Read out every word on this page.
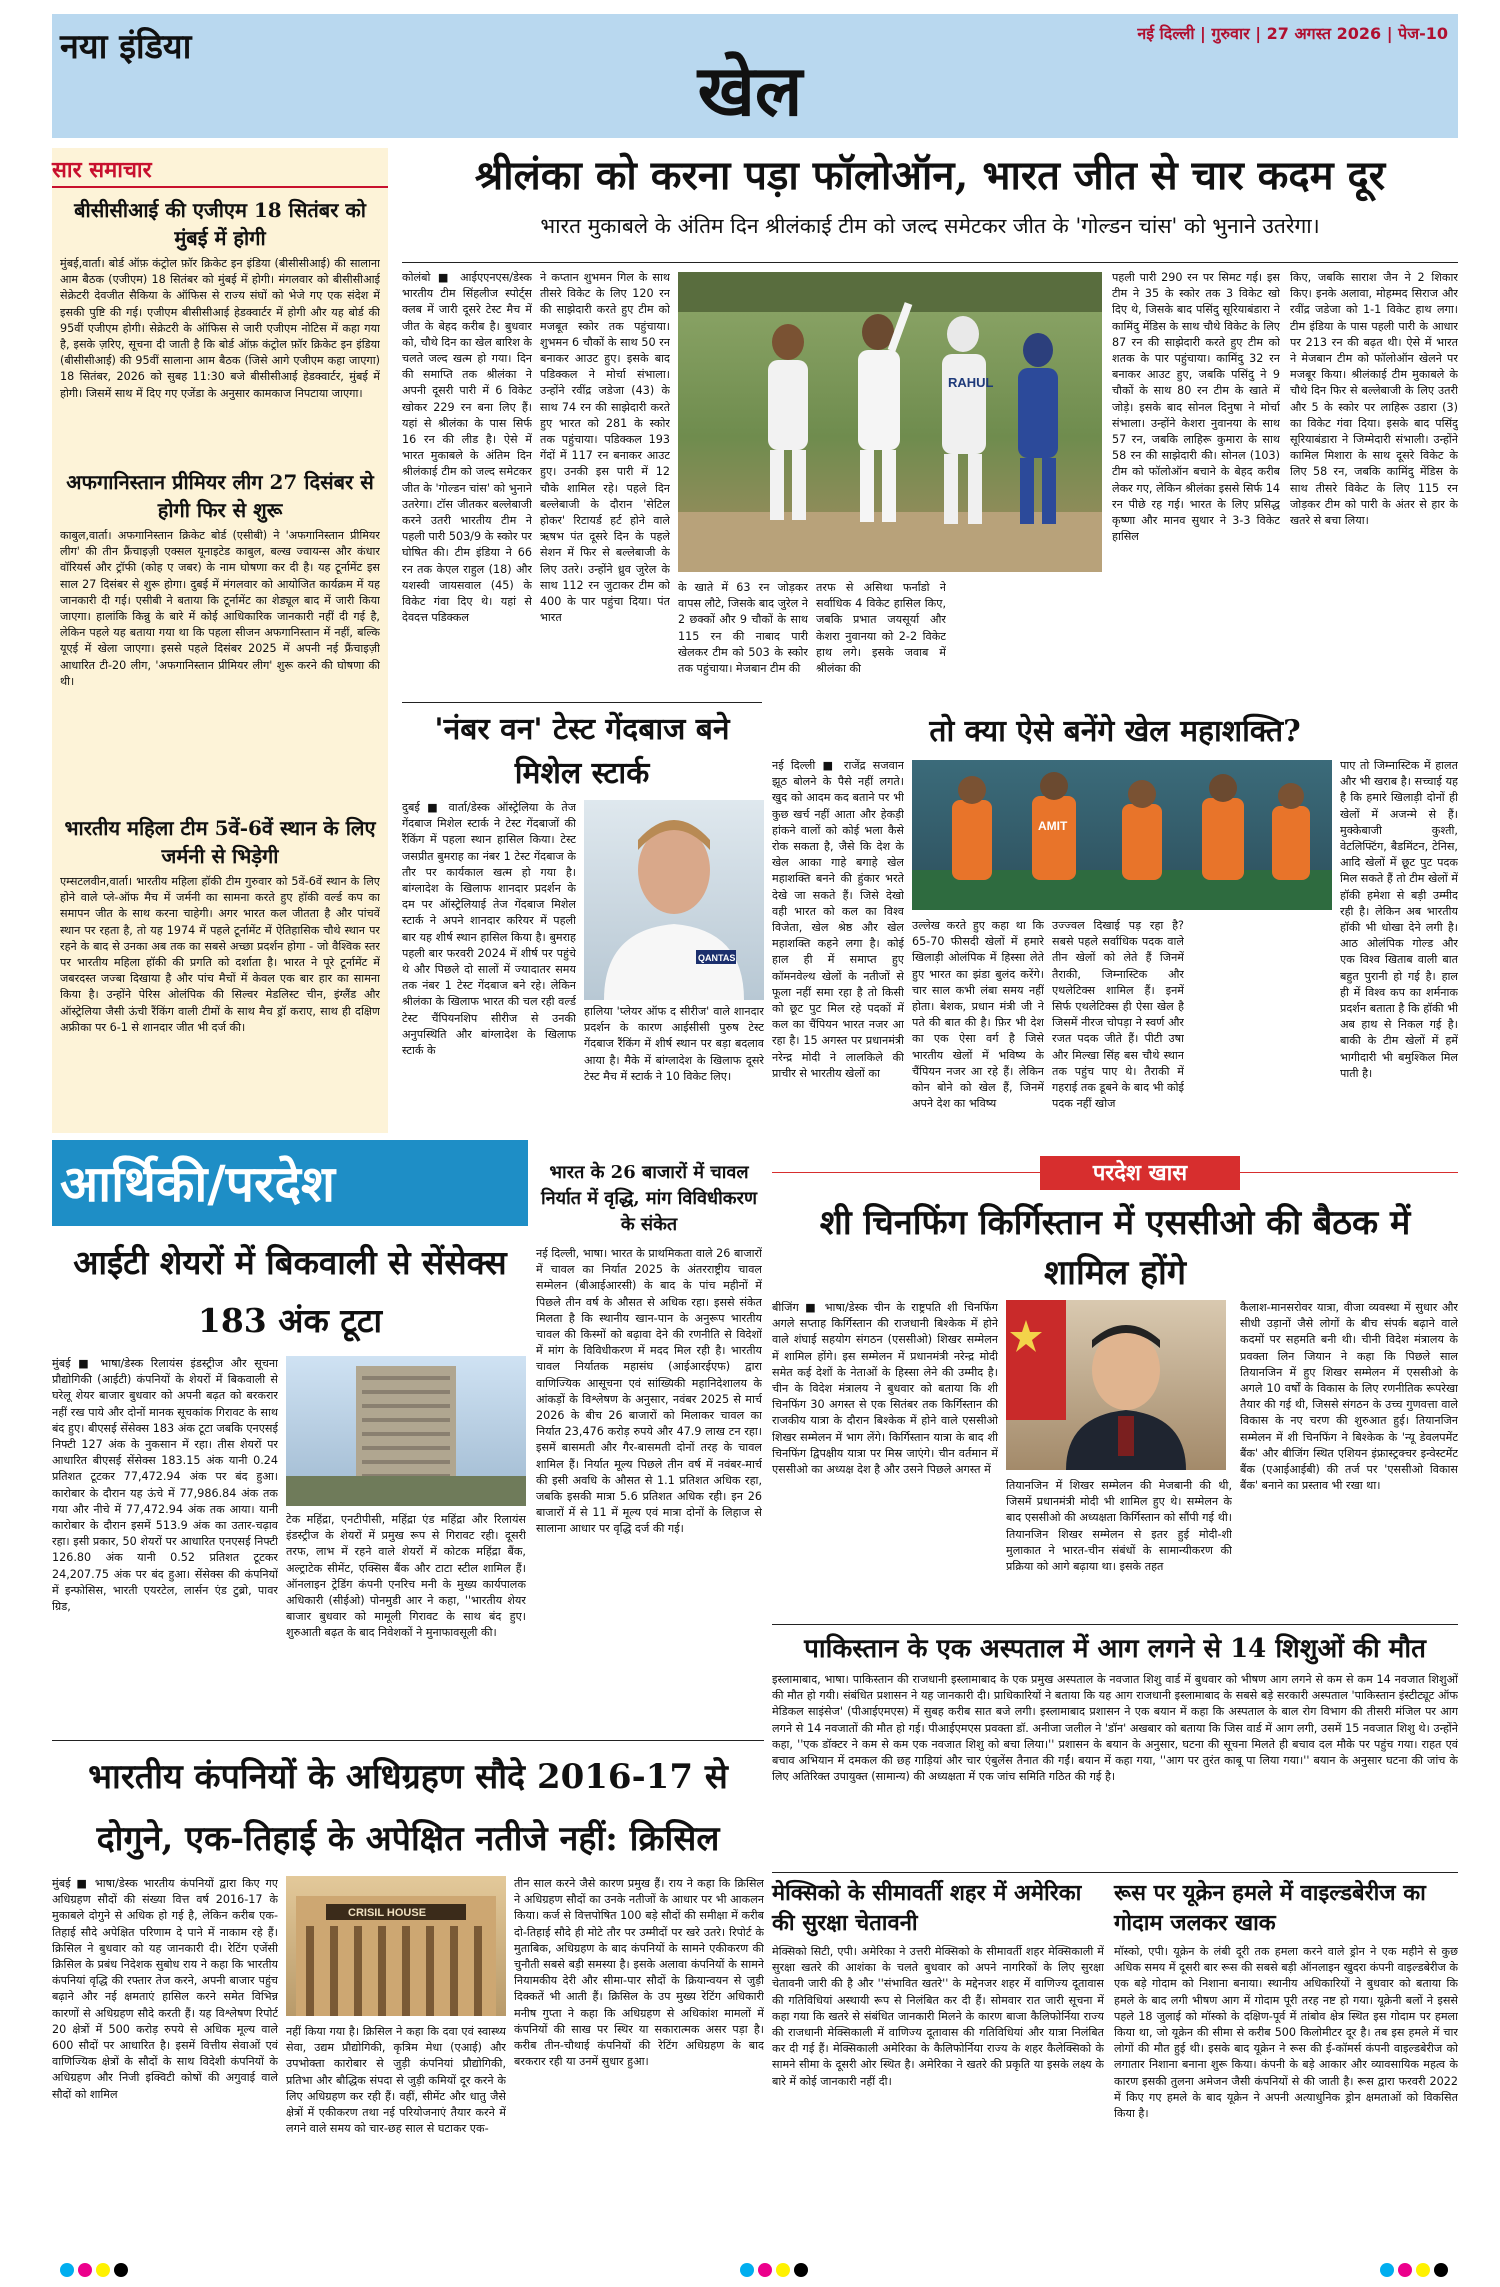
नया इंडिया	नई दिल्ली | गुरुवार | 27 अगस्त 2026 | पेज-10
खेल
सार समाचार
बीसीसीआई की एजीएम 18 सितंबर को मुंबई में होगी
मुंबई,वार्ता। बोर्ड ऑफ़ कंट्रोल फ़ॉर क्रिकेट इन इंडिया (बीसीसीआई) की सालाना आम बैठक (एजीएम) 18 सितंबर को मुंबई में होगी। मंगलवार को बीसीसीआई सेक्रेटरी देवजीत सैकिया के ऑफिस से राज्य संघों को भेजे गए एक संदेश में इसकी पुष्टि की गई। एजीएम बीसीसीआई हेडक्वार्टर में होगी और यह बोर्ड की 95वीं एजीएम होगी। सेक्रेटरी के ऑफिस से जारी एजीएम नोटिस में कहा गया है, इसके ज़रिए, सूचना दी जाती है कि बोर्ड ऑफ़ कंट्रोल फ़ॉर क्रिकेट इन इंडिया (बीसीसीआई) की 95वीं सालाना आम बैठक (जिसे आगे एजीएम कहा जाएगा) 18 सितंबर, 2026 को सुबह 11:30 बजे बीसीसीआई हेडक्वार्टर, मुंबई में होगी। जिसमें साथ में दिए गए एजेंडा के अनुसार कामकाज निपटाया जाएगा।
अफगानिस्तान प्रीमियर लीग 27 दिसंबर से होगी फिर से शुरू
काबुल,वार्ता। अफगानिस्तान क्रिकेट बोर्ड (एसीबी) ने 'अफगानिस्तान प्रीमियर लीग' की तीन फ्रैंचाइज़ी एक्सल यूनाइटेड काबुल, बल्ख ज्वायन्स और कंधार वॉरियर्स और ट्रॉफी (कोह ए जबर) के नाम घोषणा कर दी है। यह टूर्नामेंट इस साल 27 दिसंबर से शुरू होगा। दुबई में मंगलवार को आयोजित कार्यक्रम में यह जानकारी दी गई। एसीबी ने बताया कि टूर्नामेंट का शेड्यूल बाद में जारी किया जाएगा। हालांकि किन्नु के बारे में कोई आधिकारिक जानकारी नहीं दी गई है, लेकिन पहले यह बताया गया था कि पहला सीजन अफगानिस्तान में नहीं, बल्कि यूएई में खेला जाएगा। इससे पहले दिसंबर 2025 में अपनी नई फ्रैंचाइज़ी आधारित टी-20 लीग, 'अफगानिस्तान प्रीमियर लीग' शुरू करने की घोषणा की थी।
भारतीय महिला टीम 5वें-6वें स्थान के लिए जर्मनी से भिड़ेगी
एम्सटलवीन,वार्ता। भारतीय महिला हॉकी टीम गुरुवार को 5वें-6वें स्थान के लिए होने वाले प्ले-ऑफ मैच में जर्मनी का सामना करते हुए हॉकी वर्ल्ड कप का समापन जीत के साथ करना चाहेगी। अगर भारत कल जीतता है और पांचवें स्थान पर रहता है, तो यह 1974 में पहले टूर्नामेंट में ऐतिहासिक चौथे स्थान पर रहने के बाद से उनका अब तक का सबसे अच्छा प्रदर्शन होगा - जो वैश्विक स्तर पर भारतीय महिला हॉकी की प्रगति को दर्शाता है। भारत ने पूरे टूर्नामेंट में जबरदस्त जज्बा दिखाया है और पांच मैचों में केवल एक बार हार का सामना किया है। उन्होंने पेरिस ओलंपिक की सिल्वर मेडलिस्ट चीन, इंग्लैंड और ऑस्ट्रेलिया जैसी ऊंची रैंकिंग वाली टीमों के साथ मैच ड्रॉ कराए, साथ ही दक्षिण अफ्रीका पर 6-1 से शानदार जीत भी दर्ज की।
श्रीलंका को करना पड़ा फॉलोऑन, भारत जीत से चार कदम दूर
भारत मुकाबले के अंतिम दिन श्रीलंकाई टीम को जल्द समेटकर जीत के 'गोल्डन चांस' को भुनाने उतरेगा।
कोलंबो ■ आईएएनएस/डेस्क भारतीय टीम सिंहलीज स्पोर्ट्स क्लब में जारी दूसरे टेस्ट मैच में जीत के बेहद करीब है। बुधवार को, चौथे दिन का खेल बारिश के चलते जल्द खत्म हो गया। दिन की समाप्ति तक श्रीलंका ने अपनी दूसरी पारी में 6 विकेट खोकर 229 रन बना लिए हैं। यहां से श्रीलंका के पास सिर्फ 16 रन की लीड है। ऐसे में भारत मुकाबले के अंतिम दिन श्रीलंकाई टीम को जल्द समेटकर जीत के 'गोल्डन चांस' को भुनाने उतरेगा। टॉस जीतकर बल्लेबाजी करने उतरी भारतीय टीम ने पहली पारी 503/9 के स्कोर पर घोषित की। टीम इंडिया ने 66 रन तक केएल राहुल (18) और यशस्वी जायसवाल (45) के विकेट गंवा दिए थे। यहां से देवदत्त पडिक्कल
ने कप्तान शुभमन गिल के साथ तीसरे विकेट के लिए 120 रन की साझेदारी करते हुए टीम को मजबूत स्कोर तक पहुंचाया। शुभमन 6 चौकों के साथ 50 रन बनाकर आउट हुए। इसके बाद पडिक्कल ने मोर्चा संभाला। उन्होंने रवींद्र जडेजा (43) के साथ 74 रन की साझेदारी करते हुए भारत को 281 के स्कोर तक पहुंचाया। पडिक्कल 193 गेंदों में 117 रन बनाकर आउट हुए। उनकी इस पारी में 12 चौके शामिल रहे। पहले दिन बल्लेबाजी के दौरान 'सेटिल होकर' रिटायर्ड हर्ट होने वाले ऋषभ पंत दूसरे दिन के पहले सेशन में फिर से बल्लेबाजी के लिए उतरे। उन्होंने ध्रुव जुरेल के साथ 112 रन जुटाकर टीम को 400 के पार पहुंचा दिया। पंत भारत
RAHUL
के खाते में 63 रन जोड़कर वापस लौटे, जिसके बाद जुरेल ने 2 छक्कों और 9 चौकों के साथ 115 रन की नाबाद पारी खेलकर टीम को 503 के स्कोर तक पहुंचाया। मेजबान टीम की
तरफ से असिथा फर्नांडो ने सर्वाधिक 4 विकेट हासिल किए, जबकि प्रभात जयसूर्या और केशरा नुवानया को 2-2 विकेट हाथ लगे। इसके जवाब में श्रीलंका की
पहली पारी 290 रन पर सिमट गई। इस टीम ने 35 के स्कोर तक 3 विकेट खो दिए थे, जिसके बाद पसिंदु सूरियाबंडारा ने कामिंदु मेंडिस के साथ चौथे विकेट के लिए 87 रन की साझेदारी करते हुए टीम को शतक के पार पहुंचाया। कामिंदु 32 रन बनाकर आउट हुए, जबकि पसिंदु ने 9 चौकों के साथ 80 रन टीम के खाते में जोड़े। इसके बाद सोनल दिनुषा ने मोर्चा संभाला। उन्होंने केशरा नुवानया के साथ 57 रन, जबकि लाहिरू कुमारा के साथ 58 रन की साझेदारी की। सोनल (103) टीम को फॉलोऑन बचाने के बेहद करीब लेकर गए, लेकिन श्रीलंका इससे सिर्फ 14 रन पीछे रह गई। भारत के लिए प्रसिद्ध कृष्णा और मानव सुथार ने 3-3 विकेट हासिल
किए, जबकि साराश जैन ने 2 शिकार किए। इनके अलावा, मोहम्मद सिराज और रवींद्र जडेजा को 1-1 विकेट हाथ लगा। टीम इंडिया के पास पहली पारी के आधार पर 213 रन की बढ़त थी। ऐसे में भारत ने मेजबान टीम को फॉलोऑन खेलने पर मजबूर किया। श्रीलंकाई टीम मुकाबले के चौथे दिन फिर से बल्लेबाजी के लिए उतरी और 5 के स्कोर पर लाहिरू उडारा (3) का विकेट गंवा दिया। इसके बाद पसिंदु सूरियाबंडारा ने जिम्मेदारी संभाली। उन्होंने कामिल मिशारा के साथ दूसरे विकेट के लिए 58 रन, जबकि कामिंदु मेंडिस के साथ तीसरे विकेट के लिए 115 रन जोड़कर टीम को पारी के अंतर से हार के खतरे से बचा लिया।
'नंबर वन' टेस्ट गेंदबाज बने मिशेल स्टार्क
दुबई ■ वार्ता/डेस्क ऑस्ट्रेलिया के तेज गेंदबाज मिशेल स्टार्क ने टेस्ट गेंदबाजों की रैंकिंग में पहला स्थान हासिल किया। टेस्ट जसप्रीत बुमराह का नंबर 1 टेस्ट गेंदबाज के तौर पर कार्यकाल खत्म हो गया है। बांग्लादेश के खिलाफ शानदार प्रदर्शन के दम पर ऑस्ट्रेलियाई तेज गेंदबाज मिशेल स्टार्क ने अपने शानदार करियर में पहली बार यह शीर्ष स्थान हासिल किया है। बुमराह पहली बार फरवरी 2024 में शीर्ष पर पहुंचे थे और पिछले दो सालों में ज्यादातर समय तक नंबर 1 टेस्ट गेंदबाज बने रहे। लेकिन श्रीलंका के खिलाफ भारत की चल रही वर्ल्ड टेस्ट चैंपियनशिप सीरीज से उनकी अनुपस्थिति और बांग्लादेश के खिलाफ स्टार्क के
QANTAS
हालिया 'प्लेयर ऑफ द सीरीज' वाले शानदार प्रदर्शन के कारण आईसीसी पुरुष टेस्ट गेंदबाज रैंकिंग में शीर्ष स्थान पर बड़ा बदलाव आया है। मैके में बांग्लादेश के खिलाफ दूसरे टेस्ट मैच में स्टार्क ने 10 विकेट लिए।
तो क्या ऐसे बनेंगे खेल महाशक्ति?
नई दिल्ली ■ राजेंद्र सजवान झूठ बोलने के पैसे नहीं लगते। खुद को आदम कद बताने पर भी कुछ खर्च नहीं आता और हेकड़ी हांकने वालों को कोई भला कैसे रोक सकता है, जैसे कि देश के खेल आका गाहे बगाहे खेल महाशक्ति बनने की हुंकार भरते देखे जा सकते हैं। जिसे देखो वही भारत को कल का विश्व विजेता, खेल श्रेष्ठ और खेल महाशक्ति कहने लगा है। कोई हाल ही में समाप्त हुए कॉमनवेल्थ खेलों के नतीजों से फूला नहीं समा रहा है तो किसी को छूट पुट मिल रहे पदकों में कल का चैंपियन भारत नजर आ रहा है। 15 अगस्त पर प्रधानमंत्री नरेन्द्र मोदी ने लालकिले की प्राचीर से भारतीय खेलों का
AMIT
उल्लेख करते हुए कहा था कि 65-70 फीसदी खेलों में हमारे खिलाड़ी ओलंपिक में हिस्सा लेते हुए भारत का झंडा बुलंद करेंगे। चार साल कभी लंबा समय नहीं होता। बेशक, प्रधान मंत्री जी ने पते की बात की है। फ़िर भी देश का एक ऐसा वर्ग है जिसे भारतीय खेलों में भविष्य के चैंपियन नजर आ रहे हैं। लेकिन कोन बोने को खेल हैं, जिनमें अपने देश का भविष्य
उज्ज्वल दिखाई पड़ रहा है? सबसे पहले सर्वाधिक पदक वाले तीन खेलों को लेते हैं जिनमें तैराकी, जिम्नास्टिक और एथलेटिक्स शामिल हैं। इनमें सिर्फ एथलेटिक्स ही ऐसा खेल है जिसमें नीरज चोपड़ा ने स्वर्ण और रजत पदक जीते हैं। पीटी उषा और मिल्खा सिंह बस चौथे स्थान तक पहुंच पाए थे। तैराकी में गहराई तक डूबने के बाद भी कोई पदक नहीं खोज
पाए तो जिम्नास्टिक में हालत और भी खराब है। सच्चाई यह है कि हमारे खिलाड़ी दोनों ही खेलों में अजन्मे से हैं। मुक्केबाजी कुश्ती, वेटलिफ्टिंग, बैडमिंटन, टेनिस, आदि खेलों में छूट पुट पदक मिल सकते हैं तो टीम खेलों में हॉकी हमेशा से बड़ी उम्मीद रही है। लेकिन अब भारतीय हॉकी भी धोखा देने लगी है। आठ ओलंपिक गोल्ड और एक विश्व खिताब वाली बात बहुत पुरानी हो गई है। हाल ही में विश्व कप का शर्मनाक प्रदर्शन बताता है कि हॉकी भी अब हाथ से निकल गई है। बाकी के टीम खेलों में हमें भागीदारी भी बमुश्किल मिल पाती है।
आर्थिकी/परदेश
आईटी शेयरों में बिकवाली से सेंसेक्स 183 अंक टूटा
मुंबई ■ भाषा/डेस्क रिलायंस इंडस्ट्रीज और सूचना प्रौद्योगिकी (आईटी) कंपनियों के शेयरों में बिकवाली से घरेलू शेयर बाजार बुधवार को अपनी बढ़त को बरकरार नहीं रख पाये और दोनों मानक सूचकांक गिरावट के साथ बंद हुए। बीएसई सेंसेक्स 183 अंक टूटा जबकि एनएसई निफ्टी 127 अंक के नुकसान में रहा। तीस शेयरों पर आधारित बीएसई सेंसेक्स 183.15 अंक यानी 0.24 प्रतिशत टूटकर 77,472.94 अंक पर बंद हुआ। कारोबार के दौरान यह ऊंचे में 77,986.84 अंक तक गया और नीचे में 77,472.94 अंक तक आया। यानी कारोबार के दौरान इसमें 513.9 अंक का उतार-चढ़ाव रहा। इसी प्रकार, 50 शेयरों पर आधारित एनएसई निफ्टी 126.80 अंक यानी 0.52 प्रतिशत टूटकर 24,207.75 अंक पर बंद हुआ। सेंसेक्स की कंपनियों में इन्फोसिस, भारती एयरटेल, लार्सन एंड टुब्रो, पावर ग्रिड,
टेक महिंद्रा, एनटीपीसी, महिंद्रा एंड महिंद्रा और रिलायंस इंडस्ट्रीज के शेयरों में प्रमुख रूप से गिरावट रही। दूसरी तरफ, लाभ में रहने वाले शेयरों में कोटक महिंद्रा बैंक, अल्ट्राटेक सीमेंट, एक्सिस बैंक और टाटा स्टील शामिल हैं। ऑनलाइन ट्रेडिंग कंपनी एनरिच मनी के मुख्य कार्यपालक अधिकारी (सीईओ) पोनमुडी आर ने कहा, ''भारतीय शेयर बाजार बुधवार को मामूली गिरावट के साथ बंद हुए। शुरुआती बढ़त के बाद निवेशकों ने मुनाफावसूली की।
भारत के 26 बाजारों में चावल निर्यात में वृद्धि, मांग विविधीकरण के संकेत
नई दिल्ली, भाषा। भारत के प्राथमिकता वाले 26 बाजारों में चावल का निर्यात 2025 के अंतरराष्ट्रीय चावल सम्मेलन (बीआईआरसी) के बाद के पांच महीनों में पिछले तीन वर्ष के औसत से अधिक रहा। इससे संकेत मिलता है कि स्थानीय खान-पान के अनुरूप भारतीय चावल की किस्मों को बढ़ावा देने की रणनीति से विदेशों में मांग के विविधीकरण में मदद मिल रही है। भारतीय चावल निर्यातक महासंघ (आईआरईएफ) द्वारा वाणिज्यिक आसूचना एवं सांख्यिकी महानिदेशालय के आंकड़ों के विश्लेषण के अनुसार, नवंबर 2025 से मार्च 2026 के बीच 26 बाजारों को मिलाकर चावल का निर्यात 23,476 करोड़ रुपये और 47.9 लाख टन रहा। इसमें बासमती और गैर-बासमती दोनों तरह के चावल शामिल हैं। निर्यात मूल्य पिछले तीन वर्ष में नवंबर-मार्च की इसी अवधि के औसत से 1.1 प्रतिशत अधिक रहा, जबकि इसकी मात्रा 5.6 प्रतिशत अधिक रही। इन 26 बाजारों में से 11 में मूल्य एवं मात्रा दोनों के लिहाज से सालाना आधार पर वृद्धि दर्ज की गई।
भारतीय कंपनियों के अधिग्रहण सौदे 2016-17 से दोगुने, एक-तिहाई के अपेक्षित नतीजे नहीं: क्रिसिल
मुंबई ■ भाषा/डेस्क भारतीय कंपनियों द्वारा किए गए अधिग्रहण सौदों की संख्या वित्त वर्ष 2016-17 के मुकाबले दोगुने से अधिक हो गई है, लेकिन करीब एक-तिहाई सौदे अपेक्षित परिणाम दे पाने में नाकाम रहे हैं। क्रिसिल ने बुधवार को यह जानकारी दी। रेटिंग एजेंसी क्रिसिल के प्रबंध निदेशक सुबोध राय ने कहा कि भारतीय कंपनियां वृद्धि की रफ्तार तेज करने, अपनी बाजार पहुंच बढ़ाने और नई क्षमताएं हासिल करने समेत विभिन्न कारणों से अधिग्रहण सौदे करती हैं। यह विश्लेषण रिपोर्ट 20 क्षेत्रों में 500 करोड़ रुपये से अधिक मूल्य वाले 600 सौदों पर आधारित है। इसमें वित्तीय सेवाओं एवं वाणिज्यिक क्षेत्रों के सौदों के साथ विदेशी कंपनियों के अधिग्रहण और निजी इक्विटी कोषों की अगुवाई वाले सौदों को शामिल
CRISIL HOUSE
नहीं किया गया है। क्रिसिल ने कहा कि दवा एवं स्वास्थ्य सेवा, उद्यम प्रौद्योगिकी, कृत्रिम मेधा (एआई) और उपभोक्ता कारोबार से जुड़ी कंपनियां प्रौद्योगिकी, प्रतिभा और बौद्धिक संपदा से जुड़ी कमियों दूर करने के लिए अधिग्रहण कर रही हैं। वहीं, सीमेंट और धातु जैसे क्षेत्रों में एकीकरण तथा नई परियोजनाएं तैयार करने में लगने वाले समय को चार-छह साल से घटाकर एक-
तीन साल करने जैसे कारण प्रमुख हैं। राय ने कहा कि क्रिसिल ने अधिग्रहण सौदों का उनके नतीजों के आधार पर भी आकलन किया। कर्ज से वित्तपोषित 100 बड़े सौदों की समीक्षा में करीब दो-तिहाई सौदे ही मोटे तौर पर उम्मीदों पर खरे उतरे। रिपोर्ट के मुताबिक, अधिग्रहण के बाद कंपनियों के सामने एकीकरण की चुनौती सबसे बड़ी समस्या है। इसके अलावा कंपनियों के सामने नियामकीय देरी और सीमा-पार सौदों के क्रियान्वयन से जुड़ी दिक्कतें भी आती हैं। क्रिसिल के उप मुख्य रेटिंग अधिकारी मनीष गुप्ता ने कहा कि अधिग्रहण से अधिकांश मामलों में कंपनियों की साख पर स्थिर या सकारात्मक असर पड़ा है। करीब तीन-चौथाई कंपनियों की रेटिंग अधिग्रहण के बाद बरकरार रही या उनमें सुधार हुआ।
परदेश खास
शी चिनफिंग किर्गिस्तान में एससीओ की बैठक में शामिल होंगे
बीजिंग ■ भाषा/डेस्क चीन के राष्ट्रपति शी चिनफिंग अगले सप्ताह किर्गिस्तान की राजधानी बिश्केक में होने वाले शंघाई सहयोग संगठन (एससीओ) शिखर सम्मेलन में शामिल होंगे। इस सम्मेलन में प्रधानमंत्री नरेन्द्र मोदी समेत कई देशों के नेताओं के हिस्सा लेने की उम्मीद है। चीन के विदेश मंत्रालय ने बुधवार को बताया कि शी चिनफिंग 30 अगस्त से एक सितंबर तक किर्गिस्तान की राजकीय यात्रा के दौरान बिश्केक में होने वाले एससीओ शिखर सम्मेलन में भाग लेंगे। किर्गिस्तान यात्रा के बाद शी चिनफिंग द्विपक्षीय यात्रा पर मिस्र जाएंगे। चीन वर्तमान में एससीओ का अध्यक्ष देश है और उसने पिछले अगस्त में
तियानजिन में शिखर सम्मेलन की मेजबानी की थी, जिसमें प्रधानमंत्री मोदी भी शामिल हुए थे। सम्मेलन के बाद एससीओ की अध्यक्षता किर्गिस्तान को सौंपी गई थी। तियानजिन शिखर सम्मेलन से इतर हुई मोदी-शी मुलाकात ने भारत-चीन संबंधों के सामान्यीकरण की प्रक्रिया को आगे बढ़ाया था। इसके तहत
कैलाश-मानसरोवर यात्रा, वीजा व्यवस्था में सुधार और सीधी उड़ानों जैसे लोगों के बीच संपर्क बढ़ाने वाले कदमों पर सहमति बनी थी। चीनी विदेश मंत्रालय के प्रवक्ता लिन जियान ने कहा कि पिछले साल तियानजिन में हुए शिखर सम्मेलन में एससीओ के अगले 10 वर्षों के विकास के लिए रणनीतिक रूपरेखा तैयार की गई थी, जिससे संगठन के उच्च गुणवत्ता वाले विकास के नए चरण की शुरुआत हुई। तियानजिन सम्मेलन में शी चिनफिंग ने बिश्केक के 'न्यू डेवलपमेंट बैंक' और बीजिंग स्थित एशियन इंफ्रास्ट्रक्चर इन्वेस्टमेंट बैंक (एआईआईबी) की तर्ज पर 'एससीओ विकास बैंक' बनाने का प्रस्ताव भी रखा था।
पाकिस्तान के एक अस्पताल में आग लगने से 14 शिशुओं की मौत
इस्लामाबाद, भाषा। पाकिस्तान की राजधानी इस्लामाबाद के एक प्रमुख अस्पताल के नवजात शिशु वार्ड में बुधवार को भीषण आग लगने से कम से कम 14 नवजात शिशुओं की मौत हो गयी। संबंधित प्रशासन ने यह जानकारी दी। प्राधिकारियों ने बताया कि यह आग राजधानी इस्लामाबाद के सबसे बड़े सरकारी अस्पताल 'पाकिस्तान इंस्टीट्यूट ऑफ मेडिकल साइंसेज' (पीआईएमएस) में सुबह करीब सात बजे लगी। इस्लामाबाद प्रशासन ने एक बयान में कहा कि अस्पताल के बाल रोग विभाग की तीसरी मंजिल पर आग लगने से 14 नवजातों की मौत हो गई। पीआईएमएस प्रवक्ता डॉ. अनीजा जलील ने 'डॉन' अखबार को बताया कि जिस वार्ड में आग लगी, उसमें 15 नवजात शिशु थे। उन्होंने कहा, ''एक डॉक्टर ने कम से कम एक नवजात शिशु को बचा लिया।'' प्रशासन के बयान के अनुसार, घटना की सूचना मिलते ही बचाव दल मौके पर पहुंच गया। राहत एवं बचाव अभियान में दमकल की छह गाड़ियां और चार एंबुलेंस तैनात की गईं। बयान में कहा गया, ''आग पर तुरंत काबू पा लिया गया।'' बयान के अनुसार घटना की जांच के लिए अतिरिक्त उपायुक्त (सामान्य) की अध्यक्षता में एक जांच समिति गठित की गई है।
मेक्सिको के सीमावर्ती शहर में अमेरिका की सुरक्षा चेतावनी
मेक्सिको सिटी, एपी। अमेरिका ने उत्तरी मेक्सिको के सीमावर्ती शहर मेक्सिकाली में सुरक्षा खतरे की आशंका के चलते बुधवार को अपने नागरिकों के लिए सुरक्षा चेतावनी जारी की है और ''संभावित खतरे'' के मद्देनजर शहर में वाणिज्य दूतावास की गतिविधियां अस्थायी रूप से निलंबित कर दी हैं। सोमवार रात जारी सूचना में कहा गया कि खतरे से संबंधित जानकारी मिलने के कारण बाजा कैलिफोर्निया राज्य की राजधानी मेक्सिकाली में वाणिज्य दूतावास की गतिविधियां और यात्रा निलंबित कर दी गई हैं। मेक्सिकाली अमेरिका के कैलिफोर्निया राज्य के शहर कैलेक्सिको के सामने सीमा के दूसरी ओर स्थित है। अमेरिका ने खतरे की प्रकृति या इसके लक्ष्य के बारे में कोई जानकारी नहीं दी।
रूस पर यूक्रेन हमले में वाइल्डबेरीज का गोदाम जलकर खाक
मॉस्को, एपी। यूक्रेन के लंबी दूरी तक हमला करने वाले ड्रोन ने एक महीने से कुछ अधिक समय में दूसरी बार रूस की सबसे बड़ी ऑनलाइन खुदरा कंपनी वाइल्डबेरीज के एक बड़े गोदाम को निशाना बनाया। स्थानीय अधिकारियों ने बुधवार को बताया कि हमले के बाद लगी भीषण आग में गोदाम पूरी तरह नष्ट हो गया। यूक्रेनी बलों ने इससे पहले 18 जुलाई को मॉस्को के दक्षिण-पूर्व में तांबोव क्षेत्र स्थित इस गोदाम पर हमला किया था, जो यूक्रेन की सीमा से करीब 500 किलोमीटर दूर है। तब इस हमले में चार लोगों की मौत हुई थी। इसके बाद यूक्रेन ने रूस की ई-कॉमर्स कंपनी वाइल्डबेरीज को लगातार निशाना बनाना शुरू किया। कंपनी के बड़े आकार और व्यावसायिक महत्व के कारण इसकी तुलना अमेजन जैसी कंपनियों से की जाती है। रूस द्वारा फरवरी 2022 में किए गए हमले के बाद यूक्रेन ने अपनी अत्याधुनिक ड्रोन क्षमताओं को विकसित किया है।
